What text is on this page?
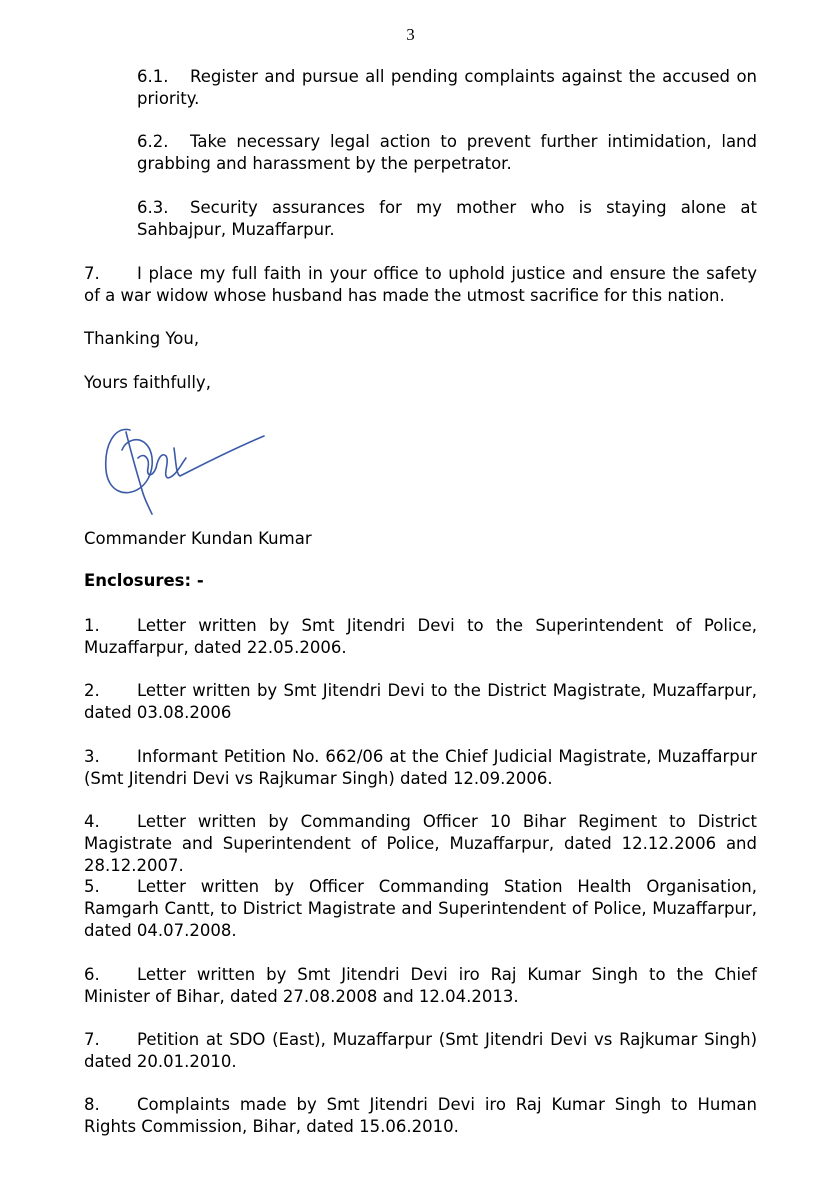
3
6.1. Register and pursue all pending complaints against the accused on priority.
6.2. Take necessary legal action to prevent further intimidation, land grabbing and harassment by the perpetrator.
6.3. Security assurances for my mother who is staying alone at Sahbajpur, Muzaffarpur.
7. I place my full faith in your office to uphold justice and ensure the safety of a war widow whose husband has made the utmost sacrifice for this nation.
Thanking You,
Yours faithfully,
Commander Kundan Kumar
Enclosures: -
1. Letter written by Smt Jitendri Devi to the Superintendent of Police, Muzaffarpur, dated 22.05.2006.
2. Letter written by Smt Jitendri Devi to the District Magistrate, Muzaffarpur, dated 03.08.2006
3. Informant Petition No. 662/06 at the Chief Judicial Magistrate, Muzaffarpur (Smt Jitendri Devi vs Rajkumar Singh) dated 12.09.2006.
4. Letter written by Commanding Officer 10 Bihar Regiment to District Magistrate and Superintendent of Police, Muzaffarpur, dated 12.12.2006 and 28.12.2007.
5. Letter written by Officer Commanding Station Health Organisation, Ramgarh Cantt, to District Magistrate and Superintendent of Police, Muzaffarpur, dated 04.07.2008.
6. Letter written by Smt Jitendri Devi iro Raj Kumar Singh to the Chief Minister of Bihar, dated 27.08.2008 and 12.04.2013.
7. Petition at SDO (East), Muzaffarpur (Smt Jitendri Devi vs Rajkumar Singh) dated 20.01.2010.
8. Complaints made by Smt Jitendri Devi iro Raj Kumar Singh to Human Rights Commission, Bihar, dated 15.06.2010.
